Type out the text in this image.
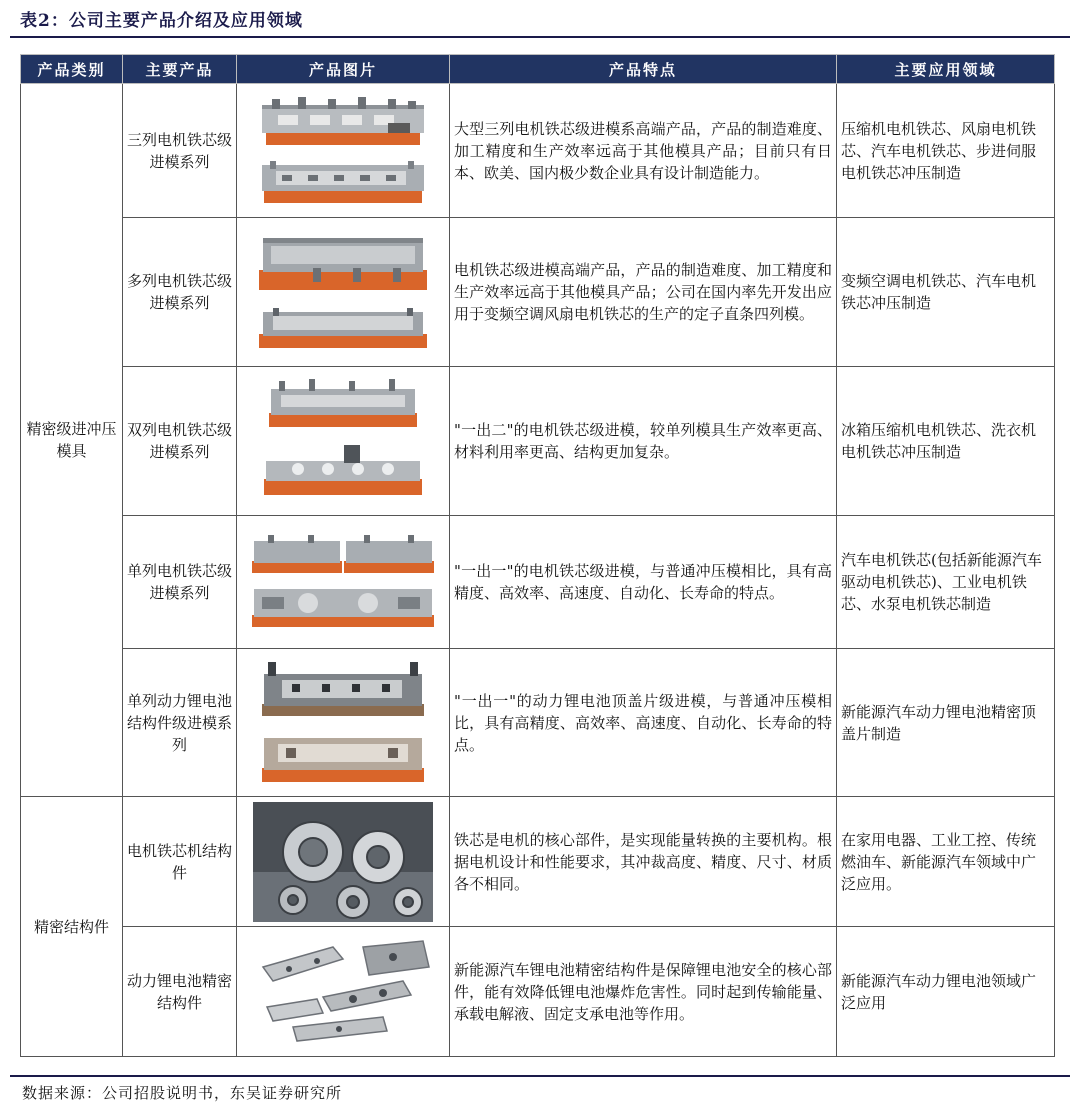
表2：公司主要产品介绍及应用领域
产品类别	主要产品	产品图片	产品特点	主要应用领域
精密级进冲压模具	三列电机铁芯级进模系列		大型三列电机铁芯级进模系高端产品，产品的制造难度、加工精度和生产效率远高于其他模具产品；目前只有日本、欧美、国内极少数企业具有设计制造能力。	压缩机电机铁芯、风扇电机铁芯、汽车电机铁芯、步进伺服电机铁芯冲压制造
	多列电机铁芯级进模系列		电机铁芯级进模高端产品，产品的制造难度、加工精度和生产效率远高于其他模具产品；公司在国内率先开发出应用于变频空调风扇电机铁芯的生产的定子直条四列模。	变频空调电机铁芯、汽车电机铁芯冲压制造
	双列电机铁芯级进模系列		"一出二"的电机铁芯级进模，较单列模具生产效率更高、材料利用率更高、结构更加复杂。	冰箱压缩机电机铁芯、洗衣机电机铁芯冲压制造
	单列电机铁芯级进模系列		"一出一"的电机铁芯级进模，与普通冲压模相比，具有高精度、高效率、高速度、自动化、长寿命的特点。	汽车电机铁芯(包括新能源汽车驱动电机铁芯)、工业电机铁芯、水泵电机铁芯制造
	单列动力锂电池结构件级进模系列		"一出一"的动力锂电池顶盖片级进模，与普通冲压模相比，具有高精度、高效率、高速度、自动化、长寿命的特点。	新能源汽车动力锂电池精密顶盖片制造
精密结构件	电机铁芯机结构件		铁芯是电机的核心部件，是实现能量转换的主要机构。根据电机设计和性能要求，其冲裁高度、精度、尺寸、材质各不相同。	在家用电器、工业工控、传统燃油车、新能源汽车领域中广泛应用。
	动力锂电池精密结构件		新能源汽车锂电池精密结构件是保障锂电池安全的核心部件，能有效降低锂电池爆炸危害性。同时起到传输能量、承载电解液、固定支承电池等作用。	新能源汽车动力锂电池领域广泛应用
数据来源：公司招股说明书，东吴证券研究所
